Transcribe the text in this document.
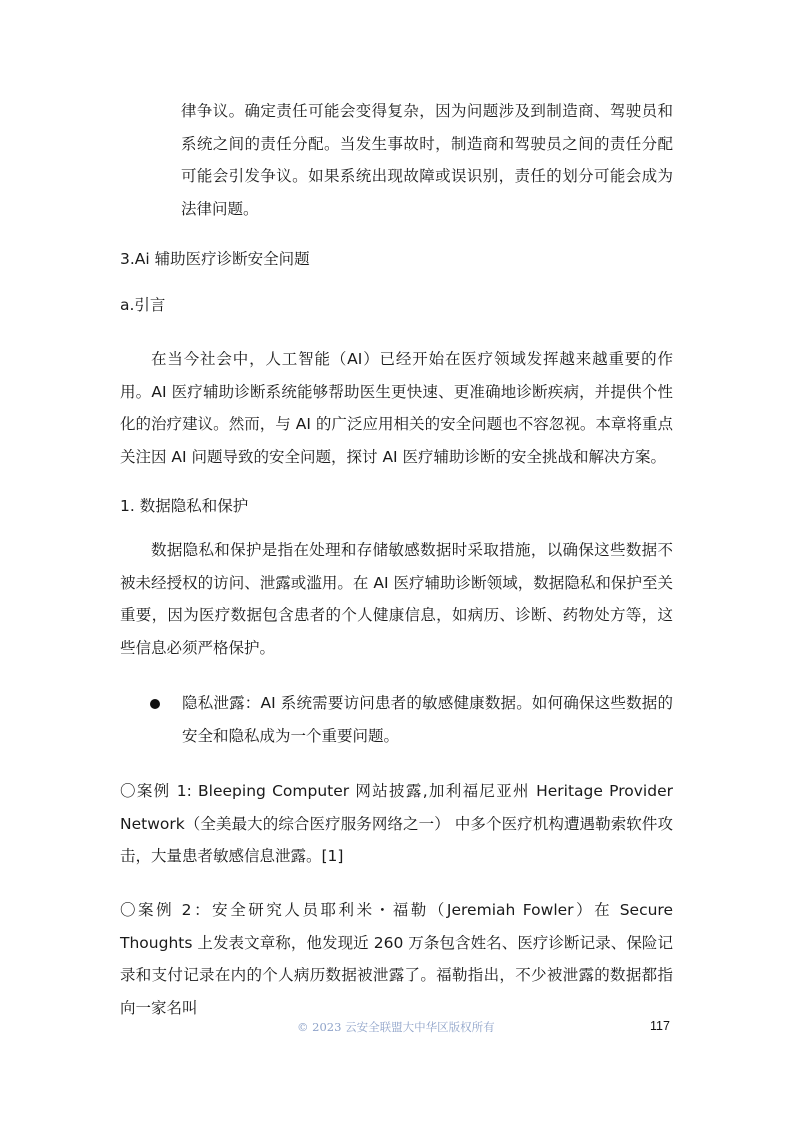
律争议。确定责任可能会变得复杂，因为问题涉及到制造商、驾驶员和系统之间的责任分配。当发生事故时，制造商和驾驶员之间的责任分配可能会引发争议。如果系统出现故障或误识别，责任的划分可能会成为法律问题。

3.Ai 辅助医疗诊断安全问题

a.引言

在当今社会中，人工智能（AI）已经开始在医疗领域发挥越来越重要的作用。AI 医疗辅助诊断系统能够帮助医生更快速、更准确地诊断疾病，并提供个性化的治疗建议。然而，与 AI 的广泛应用相关的安全问题也不容忽视。本章将重点关注因 AI 问题导致的安全问题，探讨 AI 医疗辅助诊断的安全挑战和解决方案。

1. 数据隐私和保护

数据隐私和保护是指在处理和存储敏感数据时采取措施，以确保这些数据不被未经授权的访问、泄露或滥用。在 AI 医疗辅助诊断领域，数据隐私和保护至关重要，因为医疗数据包含患者的个人健康信息，如病历、诊断、药物处方等，这些信息必须严格保护。

隐私泄露：AI 系统需要访问患者的敏感健康数据。如何确保这些数据的安全和隐私成为一个重要问题。

〇案例 1: Bleeping Computer 网站披露,加利福尼亚州 Heritage Provider Network（全美最大的综合医疗服务网络之一） 中多个医疗机构遭遇勒索软件攻击，大量患者敏感信息泄露。[1]

〇案例 2：安全研究人员耶利米・福勒（Jeremiah Fowler）在 Secure Thoughts 上发表文章称，他发现近 260 万条包含姓名、医疗诊断记录、保险记录和支付记录在内的个人病历数据被泄露了。福勒指出，不少被泄露的数据都指向一家名叫

© 2023 云安全联盟大中华区版权所有	117
